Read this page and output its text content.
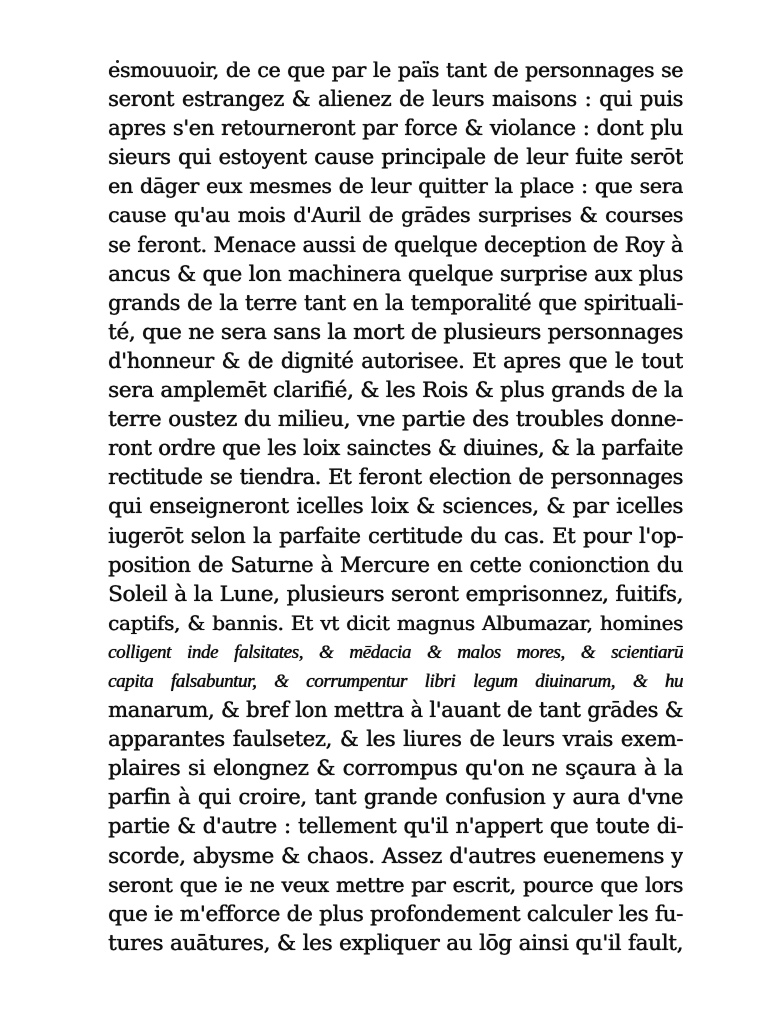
esmouuoir, de ce que par le païs tant de personnages se
seront estrangez & alienez de leurs maisons : qui puis
apres s'en retourneront par force & violance : dont plu
sieurs qui estoyent cause principale de leur fuite serōt
en dāger eux mesmes de leur quitter la place : que sera
cause qu'au mois d'Auril de grādes surprises & courses
se feront. Menace aussi de quelque deception de Roy à
ancus & que lon machinera quelque surprise aux plus
grands de la terre tant en la temporalité que spirituali-
té, que ne sera sans la mort de plusieurs personnages
d'honneur & de dignité autorisee. Et apres que le tout
sera amplemēt clarifié, & les Rois & plus grands de la
terre oustez du milieu, vne partie des troubles donne-
ront ordre que les loix sainctes & diuines, & la parfaite
rectitude se tiendra. Et feront election de personnages
qui enseigneront icelles loix & sciences, & par icelles
iugerōt selon la parfaite certitude du cas. Et pour l'op-
position de Saturne à Mercure en cette conionction du
Soleil à la Lune, plusieurs seront emprisonnez, fuitifs,
captifs, & bannis. Et vt dicit magnus Albumazar, homines
colligent inde falsitates, & mēdacia & malos mores, & scientiarū
capita falsabuntur, & corrumpentur libri legum diuinarum, & hu
manarum, & bref lon mettra à l'auant de tant grādes &
apparantes faulsetez, & les liures de leurs vrais exem-
plaires si elongnez & corrompus qu'on ne sçaura à la
parfin à qui croire, tant grande confusion y aura d'vne
partie & d'autre : tellement qu'il n'appert que toute di-
scorde, abysme & chaos. Assez d'autres euenemens y
seront que ie ne veux mettre par escrit, pource que lors
que ie m'efforce de plus profondement calculer les fu-
tures auātures, & les expliquer au lōg ainsi qu'il fault,
